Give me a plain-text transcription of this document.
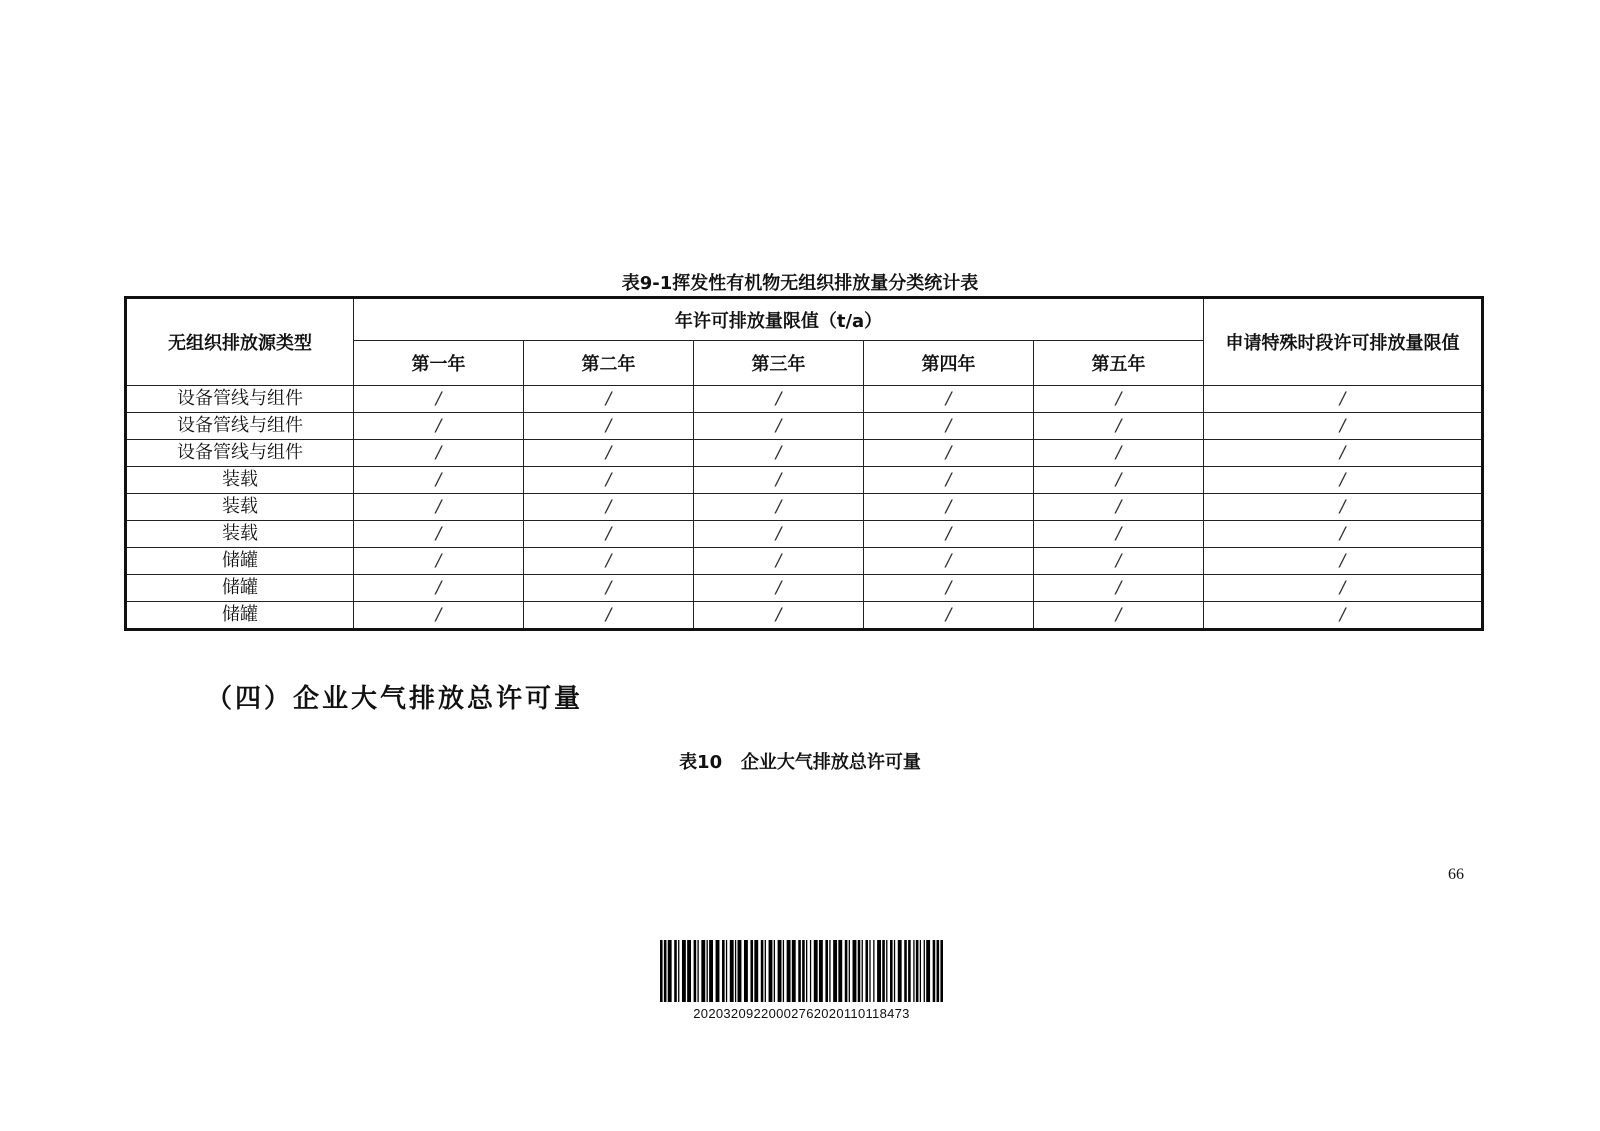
表9-1挥发性有机物无组织排放量分类统计表
无组织排放源类型	年许可排放量限值（t/a）					申请特殊时段许可排放量限值
	第一年	第二年	第三年	第四年	第五年	
设备管线与组件	/	/	/	/	/	/
设备管线与组件	/	/	/	/	/	/
设备管线与组件	/	/	/	/	/	/
装载	/	/	/	/	/	/
装载	/	/	/	/	/	/
装载	/	/	/	/	/	/
储罐	/	/	/	/	/	/
储罐	/	/	/	/	/	/
储罐	/	/	/	/	/	/
（四）企业大气排放总许可量
表10   企业大气排放总许可量
66
20203209220002762020110118473
